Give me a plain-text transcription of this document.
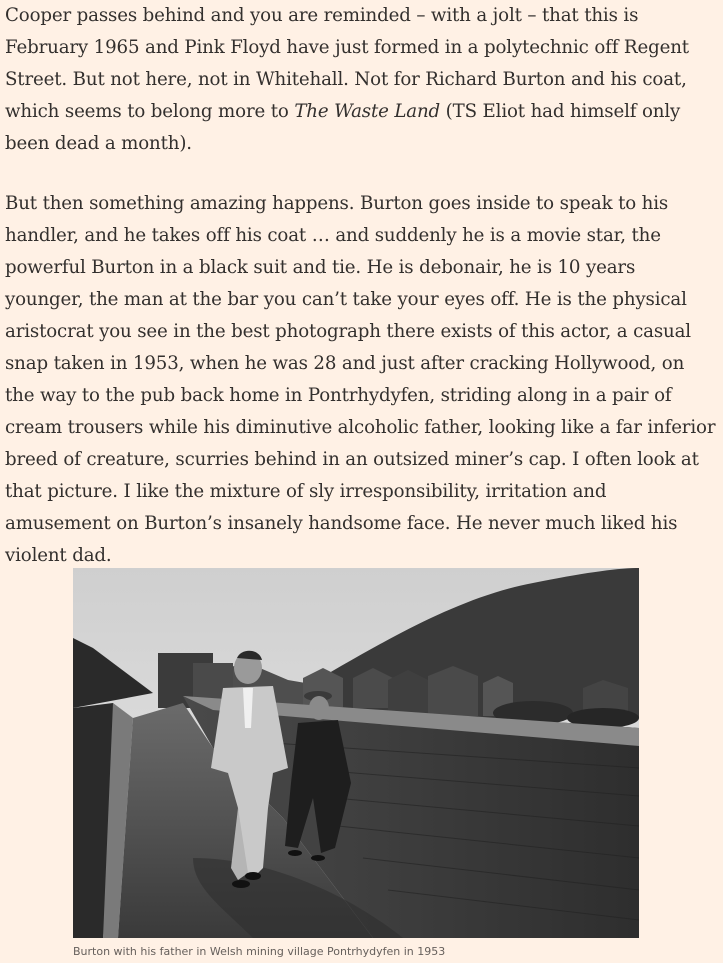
Cooper passes behind and you are reminded – with a jolt – that this is February 1965 and Pink Floyd have just formed in a polytechnic off Regent Street. But not here, not in Whitehall. Not for Richard Burton and his coat, which seems to belong more to The Waste Land (TS Eliot had himself only been dead a month).

But then something amazing happens. Burton goes inside to speak to his handler, and he takes off his coat … and suddenly he is a movie star, the powerful Burton in a black suit and tie. He is debonair, he is 10 years younger, the man at the bar you can’t take your eyes off. He is the physical aristocrat you see in the best photograph there exists of this actor, a casual snap taken in 1953, when he was 28 and just after cracking Hollywood, on the way to the pub back home in Pontrhydyfen, striding along in a pair of cream trousers while his diminutive alcoholic father, looking like a far inferior breed of creature, scurries behind in an outsized miner’s cap. I often look at that picture. I like the mixture of sly irresponsibility, irritation and amusement on Burton’s insanely handsome face. He never much liked his violent dad.

Burton with his father in Welsh mining village Pontrhydyfen in 1953
